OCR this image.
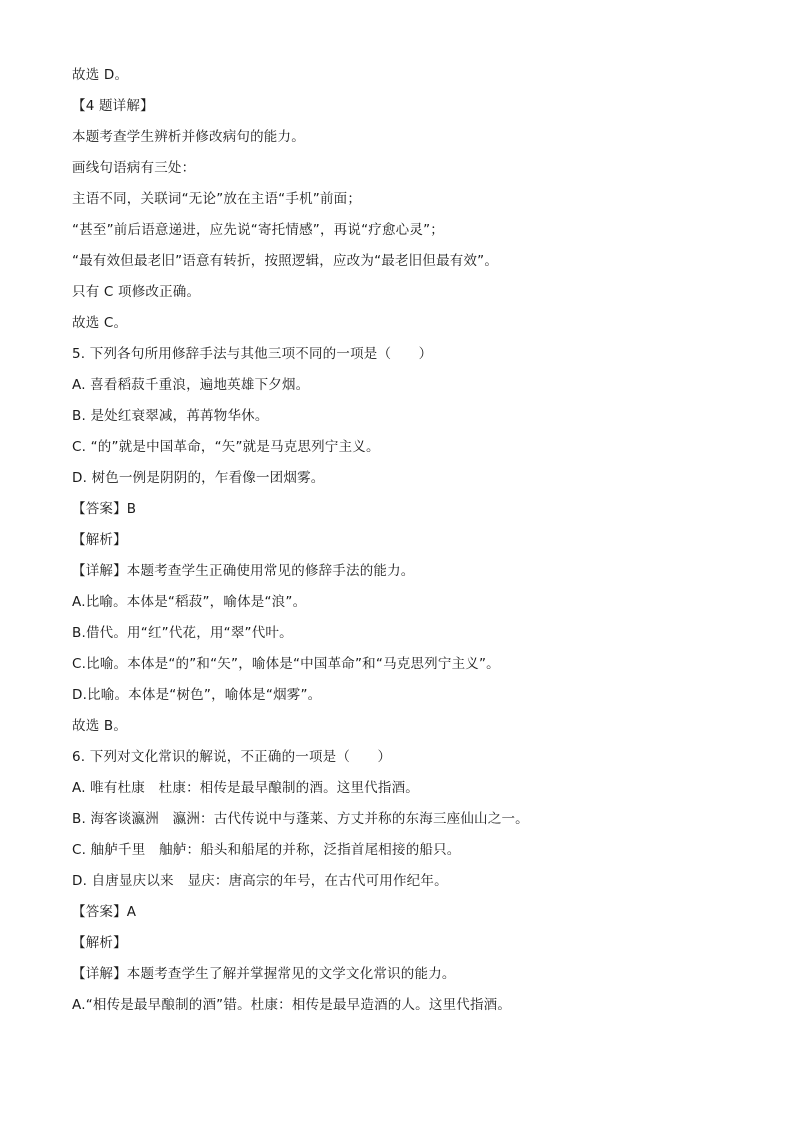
故选 D。
【4 题详解】
本题考查学生辨析并修改病句的能力。
画线句语病有三处：
主语不同，关联词“无论”放在主语“手机”前面；
“甚至”前后语意递进，应先说“寄托情感”，再说“疗愈心灵”；
“最有效但最老旧”语意有转折，按照逻辑，应改为“最老旧但最有效”。
只有 C 项修改正确。
故选 C。
5. 下列各句所用修辞手法与其他三项不同的一项是（　　）
A. 喜看稻菽千重浪，遍地英雄下夕烟。
B. 是处红衰翠减，苒苒物华休。
C. “的”就是中国革命，“矢”就是马克思列宁主义。
D. 树色一例是阴阴的，乍看像一团烟雾。
【答案】B
【解析】
【详解】本题考查学生正确使用常见的修辞手法的能力。
A.比喻。本体是“稻菽”，喻体是“浪”。
B.借代。用“红”代花，用“翠”代叶。
C.比喻。本体是“的”和“矢”，喻体是“中国革命”和“马克思列宁主义”。
D.比喻。本体是“树色”，喻体是“烟雾”。
故选 B。
6. 下列对文化常识的解说，不正确的一项是（　　）
A. 唯有杜康　杜康：相传是最早酿制的酒。这里代指酒。
B. 海客谈瀛洲　瀛洲：古代传说中与蓬莱、方丈并称的东海三座仙山之一。
C. 舳舻千里　舳舻：船头和船尾的并称，泛指首尾相接的船只。
D. 自唐显庆以来　显庆：唐高宗的年号，在古代可用作纪年。
【答案】A
【解析】
【详解】本题考查学生了解并掌握常见的文学文化常识的能力。
A.“相传是最早酿制的酒”错。杜康：相传是最早造酒的人。这里代指酒。
